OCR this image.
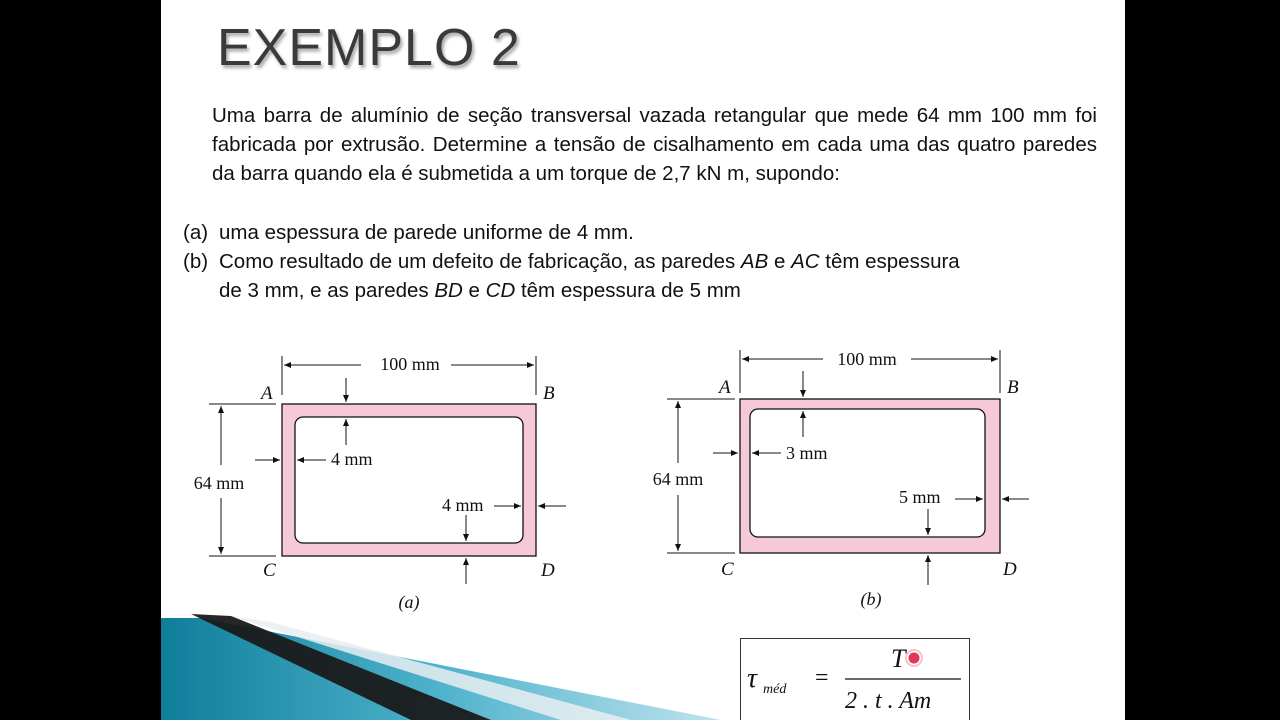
EXEMPLO 2
Uma barra de alumínio de seção transversal vazada retangular que mede 64 mm 100 mm foi fabricada por extrusão. Determine a tensão de cisalhamento em cada uma das quatro paredes da barra quando ela é submetida a um torque de 2,7 kN m, supondo:
(a) uma espessura de parede uniforme de 4 mm.
(b) Como resultado de um defeito de fabricação, as paredes AB e AC têm espessura
de 3 mm, e as paredes BD e CD têm espessura de 5 mm
100 mm
64 mm
A	B
C	D
4 mm
4 mm
(a)
100 mm
64 mm
A	B
C	D
3 mm
5 mm
(b)
τ méd =
T
2 . t . Am
